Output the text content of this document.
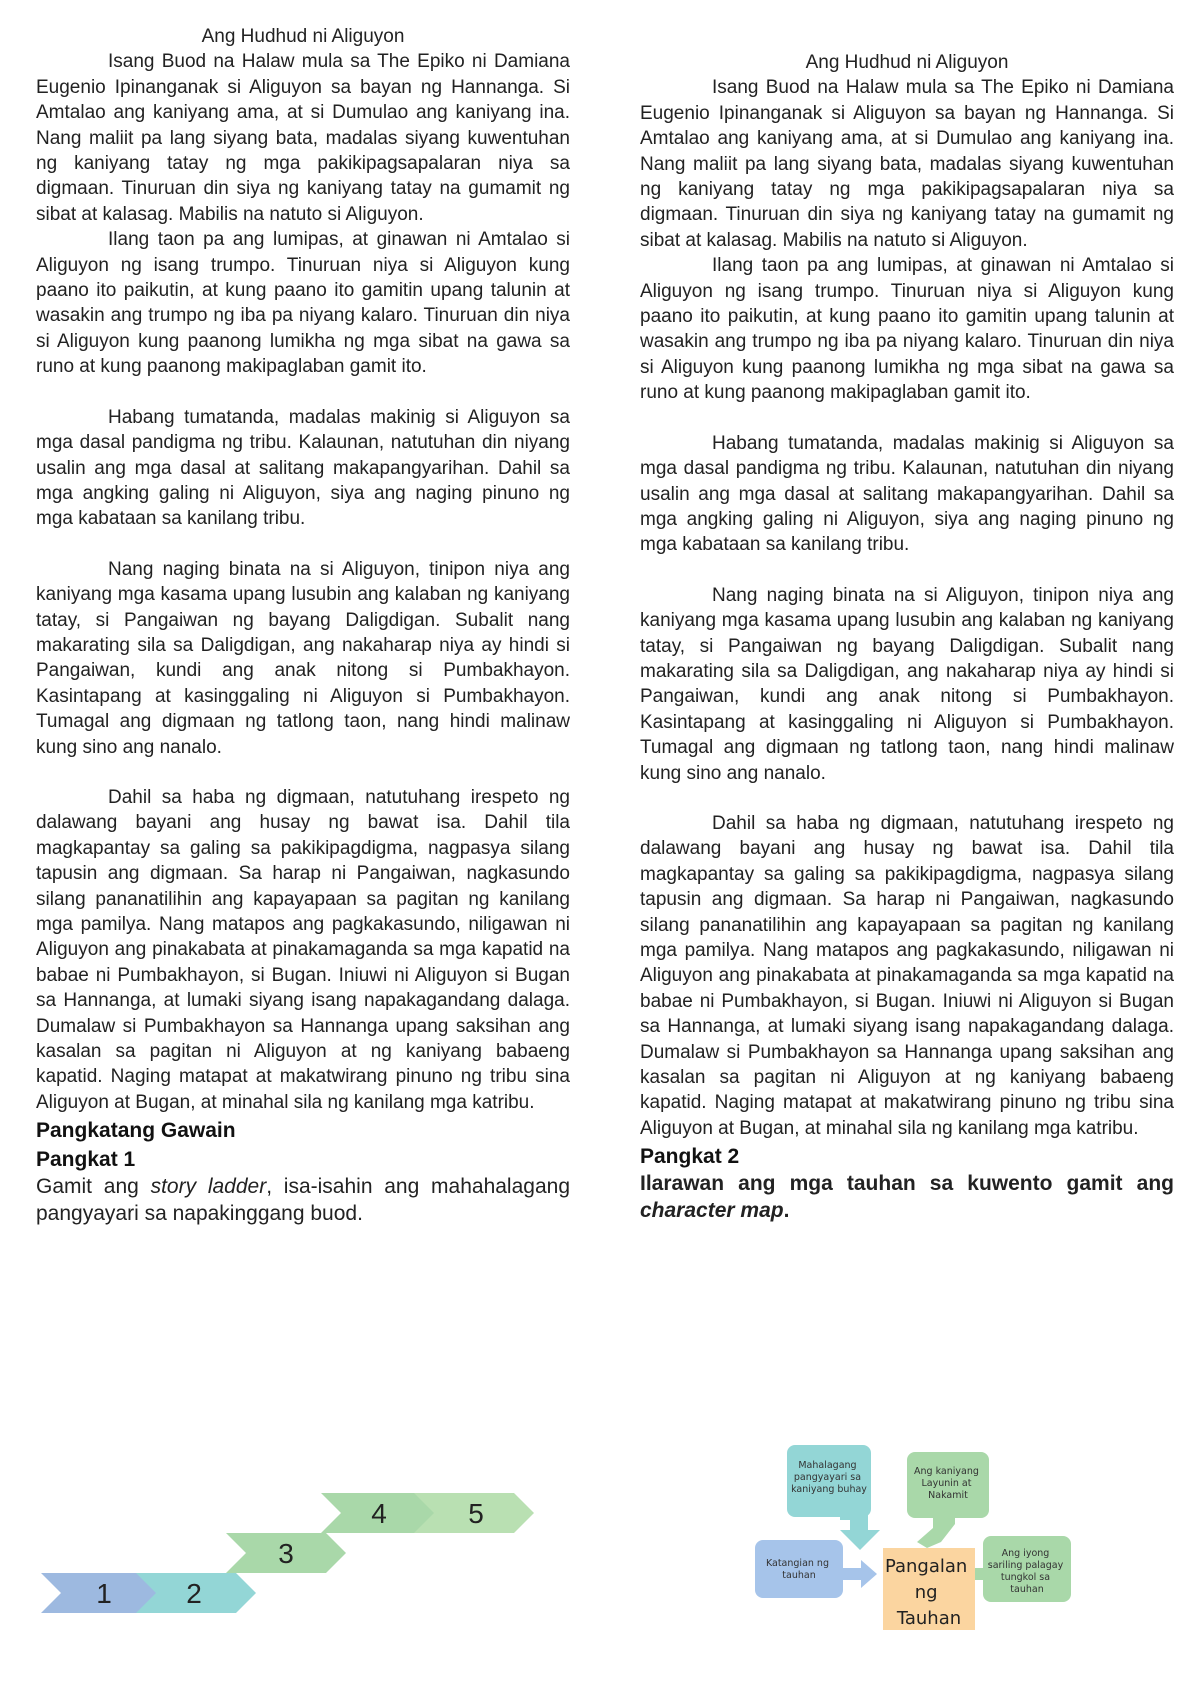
Ang Hudhud ni Aliguyon

Isang Buod na Halaw mula sa The Epiko ni Damiana Eugenio Ipinanganak si Aliguyon sa bayan ng Hannanga. Si Amtalao ang kaniyang ama, at si Dumulao ang kaniyang ina. Nang maliit pa lang siyang bata, madalas siyang kuwentuhan ng kaniyang tatay ng mga pakikipagsapalaran niya sa digmaan. Tinuruan din siya ng kaniyang tatay na gumamit ng sibat at kalasag. Mabilis na natuto si Aliguyon.

Ilang taon pa ang lumipas, at ginawan ni Amtalao si Aliguyon ng isang trumpo. Tinuruan niya si Aliguyon kung paano ito paikutin, at kung paano ito gamitin upang talunin at wasakin ang trumpo ng iba pa niyang kalaro. Tinuruan din niya si Aliguyon kung paanong lumikha ng mga sibat na gawa sa runo at kung paanong makipaglaban gamit ito.

Habang tumatanda, madalas makinig si Aliguyon sa mga dasal pandigma ng tribu. Kalaunan, natutuhan din niyang usalin ang mga dasal at salitang makapangyarihan. Dahil sa mga angking galing ni Aliguyon, siya ang naging pinuno ng mga kabataan sa kanilang tribu.

Nang naging binata na si Aliguyon, tinipon niya ang kaniyang mga kasama upang lusubin ang kalaban ng kaniyang tatay, si Pangaiwan ng bayang Daligdigan. Subalit nang makarating sila sa Daligdigan, ang nakaharap niya ay hindi si Pangaiwan, kundi ang anak nitong si Pumbakhayon. Kasintapang at kasinggaling ni Aliguyon si Pumbakhayon. Tumagal ang digmaan ng tatlong taon, nang hindi malinaw kung sino ang nanalo.

Dahil sa haba ng digmaan, natutuhang irespeto ng dalawang bayani ang husay ng bawat isa. Dahil tila magkapantay sa galing sa pakikipagdigma, nagpasya silang tapusin ang digmaan. Sa harap ni Pangaiwan, nagkasundo silang pananatilihin ang kapayapaan sa pagitan ng kanilang mga pamilya. Nang matapos ang pagkakasundo, niligawan ni Aliguyon ang pinakabata at pinakamaganda sa mga kapatid na babae ni Pumbakhayon, si Bugan. Iniuwi ni Aliguyon si Bugan sa Hannanga, at lumaki siyang isang napakagandang dalaga. Dumalaw si Pumbakhayon sa Hannanga upang saksihan ang kasalan sa pagitan ni Aliguyon at ng kaniyang babaeng kapatid. Naging matapat at makatwirang pinuno ng tribu sina Aliguyon at Bugan, at minahal sila ng kanilang mga katribu.

Pangkatang Gawain

Pangkat 1

Gamit ang story ladder, isa-isahin ang mahahalagang pangyayari sa napakinggang buod.

Ang Hudhud ni Aliguyon

Isang Buod na Halaw mula sa The Epiko ni Damiana Eugenio Ipinanganak si Aliguyon sa bayan ng Hannanga. Si Amtalao ang kaniyang ama, at si Dumulao ang kaniyang ina. Nang maliit pa lang siyang bata, madalas siyang kuwentuhan ng kaniyang tatay ng mga pakikipagsapalaran niya sa digmaan. Tinuruan din siya ng kaniyang tatay na gumamit ng sibat at kalasag. Mabilis na natuto si Aliguyon.

Ilang taon pa ang lumipas, at ginawan ni Amtalao si Aliguyon ng isang trumpo. Tinuruan niya si Aliguyon kung paano ito paikutin, at kung paano ito gamitin upang talunin at wasakin ang trumpo ng iba pa niyang kalaro. Tinuruan din niya si Aliguyon kung paanong lumikha ng mga sibat na gawa sa runo at kung paanong makipaglaban gamit ito.

Habang tumatanda, madalas makinig si Aliguyon sa mga dasal pandigma ng tribu. Kalaunan, natutuhan din niyang usalin ang mga dasal at salitang makapangyarihan. Dahil sa mga angking galing ni Aliguyon, siya ang naging pinuno ng mga kabataan sa kanilang tribu.

Nang naging binata na si Aliguyon, tinipon niya ang kaniyang mga kasama upang lusubin ang kalaban ng kaniyang tatay, si Pangaiwan ng bayang Daligdigan. Subalit nang makarating sila sa Daligdigan, ang nakaharap niya ay hindi si Pangaiwan, kundi ang anak nitong si Pumbakhayon. Kasintapang at kasinggaling ni Aliguyon si Pumbakhayon. Tumagal ang digmaan ng tatlong taon, nang hindi malinaw kung sino ang nanalo.

Dahil sa haba ng digmaan, natutuhang irespeto ng dalawang bayani ang husay ng bawat isa. Dahil tila magkapantay sa galing sa pakikipagdigma, nagpasya silang tapusin ang digmaan. Sa harap ni Pangaiwan, nagkasundo silang pananatilihin ang kapayapaan sa pagitan ng kanilang mga pamilya. Nang matapos ang pagkakasundo, niligawan ni Aliguyon ang pinakabata at pinakamaganda sa mga kapatid na babae ni Pumbakhayon, si Bugan. Iniuwi ni Aliguyon si Bugan sa Hannanga, at lumaki siyang isang napakagandang dalaga. Dumalaw si Pumbakhayon sa Hannanga upang saksihan ang kasalan sa pagitan ni Aliguyon at ng kaniyang babaeng kapatid. Naging matapat at makatwirang pinuno ng tribu sina Aliguyon at Bugan, at minahal sila ng kanilang mga katribu.

Pangkat 2

Ilarawan ang mga tauhan sa kuwento gamit ang character map.

1	2
3
4	5
Mahalagang pangyayari sa kaniyang buhay
Ang kaniyang Layunin at Nakamit
Katangian ng tauhan
Ang iyong sariling palagay tungkol sa tauhan
Pangalan ng Tauhan
